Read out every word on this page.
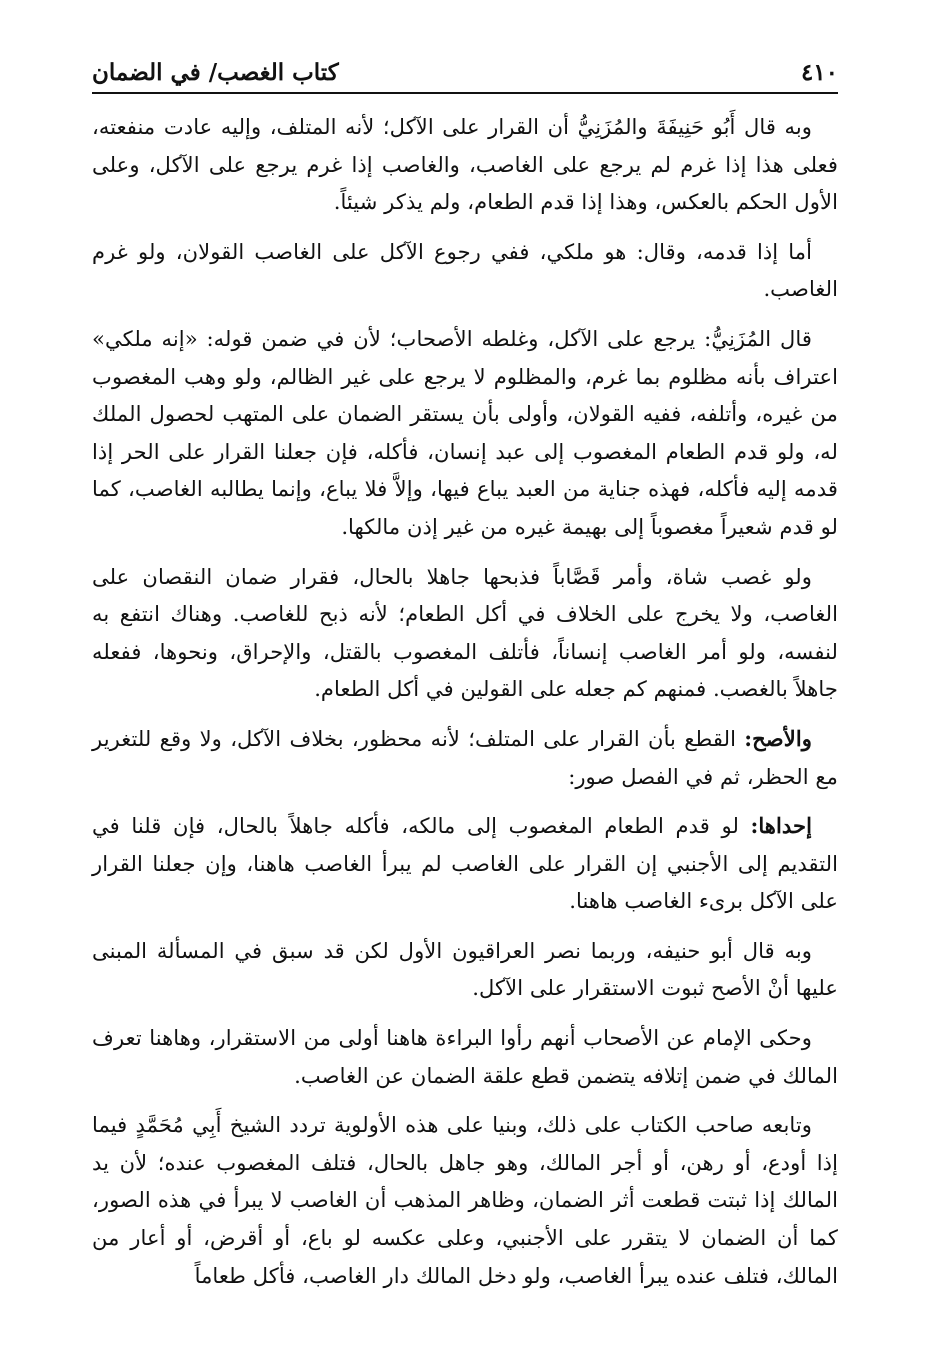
٤١٠
كتاب الغصب/ في الضمان

وبه قال أَبُو حَنِيفَةَ والمُزَنِيُّ أن القرار على الآكل؛ لأنه المتلف، وإليه عادت منفعته، فعلى هذا إذا غرم لم يرجع على الغاصب، والغاصب إذا غرم يرجع على الآكل، وعلى الأول الحكم بالعكس، وهذا إذا قدم الطعام، ولم يذكر شيئاً.

أما إذا قدمه، وقال: هو ملكي، ففي رجوع الآكل على الغاصب القولان، ولو غرم الغاصب.

قال المُزَنِيُّ: يرجع على الآكل، وغلطه الأصحاب؛ لأن في ضمن قوله: «إنه ملكي» اعتراف بأنه مظلوم بما غرم، والمظلوم لا يرجع على غير الظالم، ولو وهب المغصوب من غيره، وأتلفه، ففيه القولان، وأولى بأن يستقر الضمان على المتهب لحصول الملك له، ولو قدم الطعام المغصوب إلى عبد إنسان، فأكله، فإن جعلنا القرار على الحر إذا قدمه إليه فأكله، فهذه جناية من العبد يباع فيها، وإلاَّ فلا يباع، وإنما يطالبه الغاصب، كما لو قدم شعيراً مغصوباً إلى بهيمة غيره من غير إذن مالكها.

ولو غصب شاة، وأمر قَصَّاباً فذبحها جاهلا بالحال، فقرار ضمان النقصان على الغاصب، ولا يخرج على الخلاف في أكل الطعام؛ لأنه ذبح للغاصب. وهناك انتفع به لنفسه، ولو أمر الغاصب إنساناً، فأتلف المغصوب بالقتل، والإحراق، ونحوها، ففعله جاهلاً بالغصب. فمنهم كم جعله على القولين في أكل الطعام.

والأصح: القطع بأن القرار على المتلف؛ لأنه محظور، بخلاف الآكل، ولا وقع للتغرير مع الحظر، ثم في الفصل صور:

إحداها: لو قدم الطعام المغصوب إلى مالكه، فأكله جاهلاً بالحال، فإن قلنا في التقديم إلى الأجنبي إن القرار على الغاصب لم يبرأ الغاصب هاهنا، وإن جعلنا القرار على الآكل برىء الغاصب هاهنا.

وبه قال أبو حنيفه، وربما نصر العراقيون الأول لكن قد سبق في المسألة المبنى عليها أنْ الأصح ثبوت الاستقرار على الآكل.

وحكى الإمام عن الأصحاب أنهم رأوا البراءة هاهنا أولى من الاستقرار، وهاهنا تعرف المالك في ضمن إتلافه يتضمن قطع علقة الضمان عن الغاصب.

وتابعه صاحب الكتاب على ذلك، وبنيا على هذه الأولوية تردد الشيخ أَبِي مُحَمَّدٍ فيما إذا أودع، أو رهن، أو أجر المالك، وهو جاهل بالحال، فتلف المغصوب عنده؛ لأن يد المالك إذا ثبتت قطعت أثر الضمان، وظاهر المذهب أن الغاصب لا يبرأ في هذه الصور، كما أن الضمان لا يتقرر على الأجنبي، وعلى عكسه لو باع، أو أقرض، أو أعار من المالك، فتلف عنده يبرأ الغاصب، ولو دخل المالك دار الغاصب، فأكل طعاماً
